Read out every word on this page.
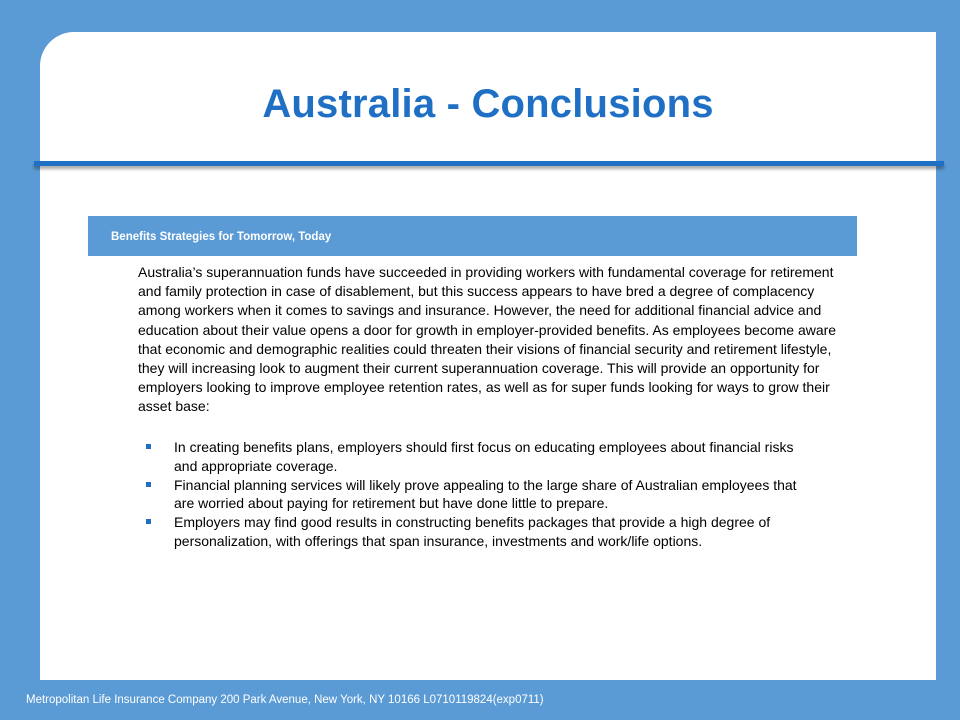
Australia - Conclusions
Benefits Strategies for Tomorrow, Today
Australia’s superannuation funds have succeeded in providing workers with fundamental coverage for retirement and family protection in case of disablement, but this success appears to have bred a degree of complacency among workers when it comes to savings and insurance. However, the need for additional financial advice and education about their value opens a door for growth in employer-provided benefits. As employees become aware that economic and demographic realities could threaten their visions of financial security and retirement lifestyle, they will increasing look to augment their current superannuation coverage. This will provide an opportunity for employers looking to improve employee retention rates, as well as for super funds looking for ways to grow their asset base:
In creating benefits plans, employers should first focus on educating employees about financial risks and appropriate coverage.
Financial planning services will likely prove appealing to the large share of Australian employees that are worried about paying for retirement but have done little to prepare.
Employers may find good results in constructing benefits packages that provide a high degree of personalization, with offerings that span insurance, investments and work/life options.
Metropolitan Life Insurance Company 200 Park Avenue, New York, NY 10166 L0710119824(exp0711)
